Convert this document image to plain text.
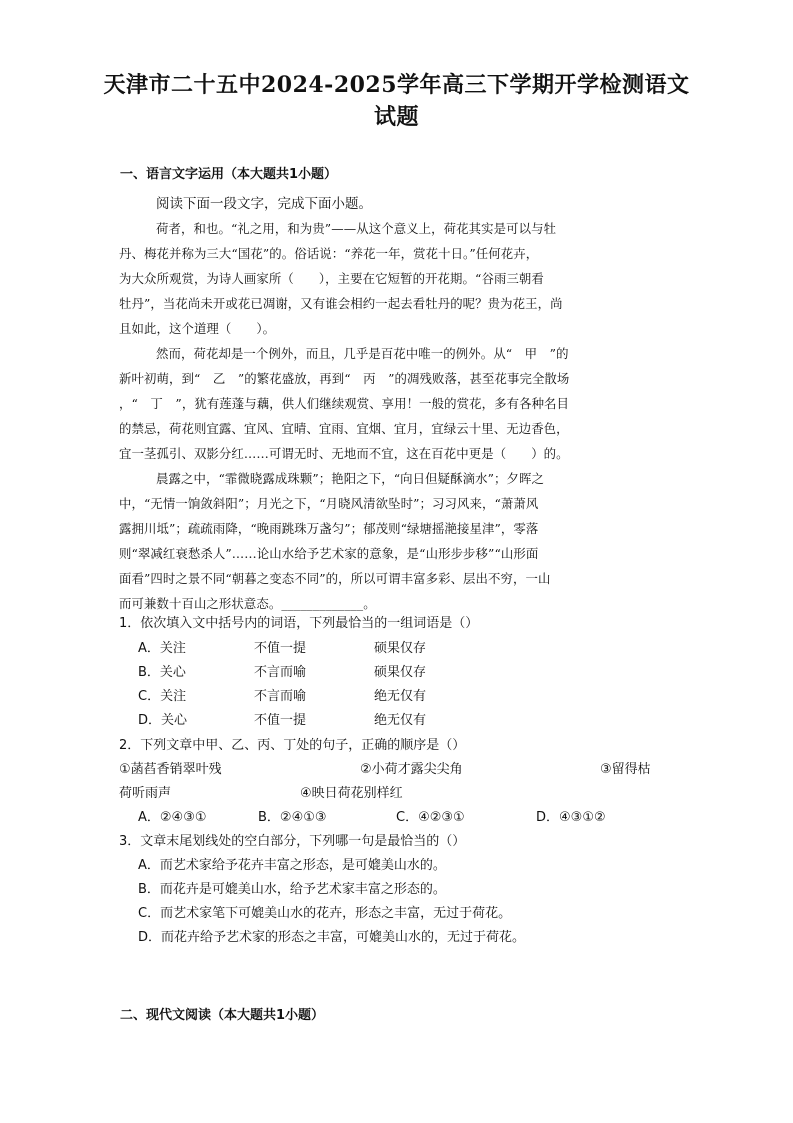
天津市二十五中2024-2025学年高三下学期开学检测语文
试题
一、语言文字运用（本大题共1小题）
阅读下面一段文字，完成下面小题。
荷者，和也。“礼之用，和为贵”——从这个意义上，荷花其实是可以与牡
丹、梅花并称为三大“国花”的。俗话说：“养花一年，赏花十日。”任何花卉，
为大众所观赏，为诗人画家所（　　），主要在它短暂的开花期。“谷雨三朝看
牡丹”，当花尚未开或花已凋谢，又有谁会相约一起去看牡丹的呢？贵为花王，尚
且如此，这个道理（　　）。
然而，荷花却是一个例外，而且，几乎是百花中唯一的例外。从“　甲　”的
新叶初萌，到“　乙　”的繁花盛放，再到“　丙　”的凋残败落，甚至花事完全散场
，“　丁　”，犹有莲蓬与藕，供人们继续观赏、享用！一般的赏花，多有各种名目
的禁忌，荷花则宜露、宜风、宜晴、宜雨、宜烟、宜月，宜绿云十里、无边香色，
宜一茎孤引、双影分红……可谓无时、无地而不宜，这在百花中更是（　　）的。
晨露之中，“霏微晓露成珠颗”；艳阳之下，“向日但疑酥滴水”；夕晖之
中，“无情一饷敛斜阳”；月光之下，“月晓风清欲坠时”；习习风来，“萧萧风
露拥川坻”；疏疏雨降，“晚雨跳珠万盏匀”；郁茂则“绿塘摇滟接星津”，零落
则“翠减红衰愁杀人”……论山水给予艺术家的意象，是“山形步步移”“山形面
面看”四时之景不同“朝暮之变态不同”的，所以可谓丰富多彩、层出不穷，一山
而可兼数十百山之形状意态。_____________。
1．依次填入文中括号内的词语，下列最恰当的一组词语是（）
A．关注	不值一提	硕果仅存
B．关心	不言而喻	硕果仅存
C．关注	不言而喻	绝无仅有
D．关心	不值一提	绝无仅有
2．下列文章中甲、乙、丙、丁处的句子，正确的顺序是（）
①菡萏香销翠叶残	②小荷才露尖尖角	③留得枯
荷听雨声	④映日荷花别样红
A．②④③①	B．②④①③	C．④②③①	D．④③①②
3．文章末尾划线处的空白部分，下列哪一句是最恰当的（）
A．而艺术家给予花卉丰富之形态，是可媲美山水的。
B．而花卉是可媲美山水，给予艺术家丰富之形态的。
C．而艺术家笔下可媲美山水的花卉，形态之丰富，无过于荷花。
D．而花卉给予艺术家的形态之丰富，可媲美山水的，无过于荷花。
二、现代文阅读（本大题共1小题）
